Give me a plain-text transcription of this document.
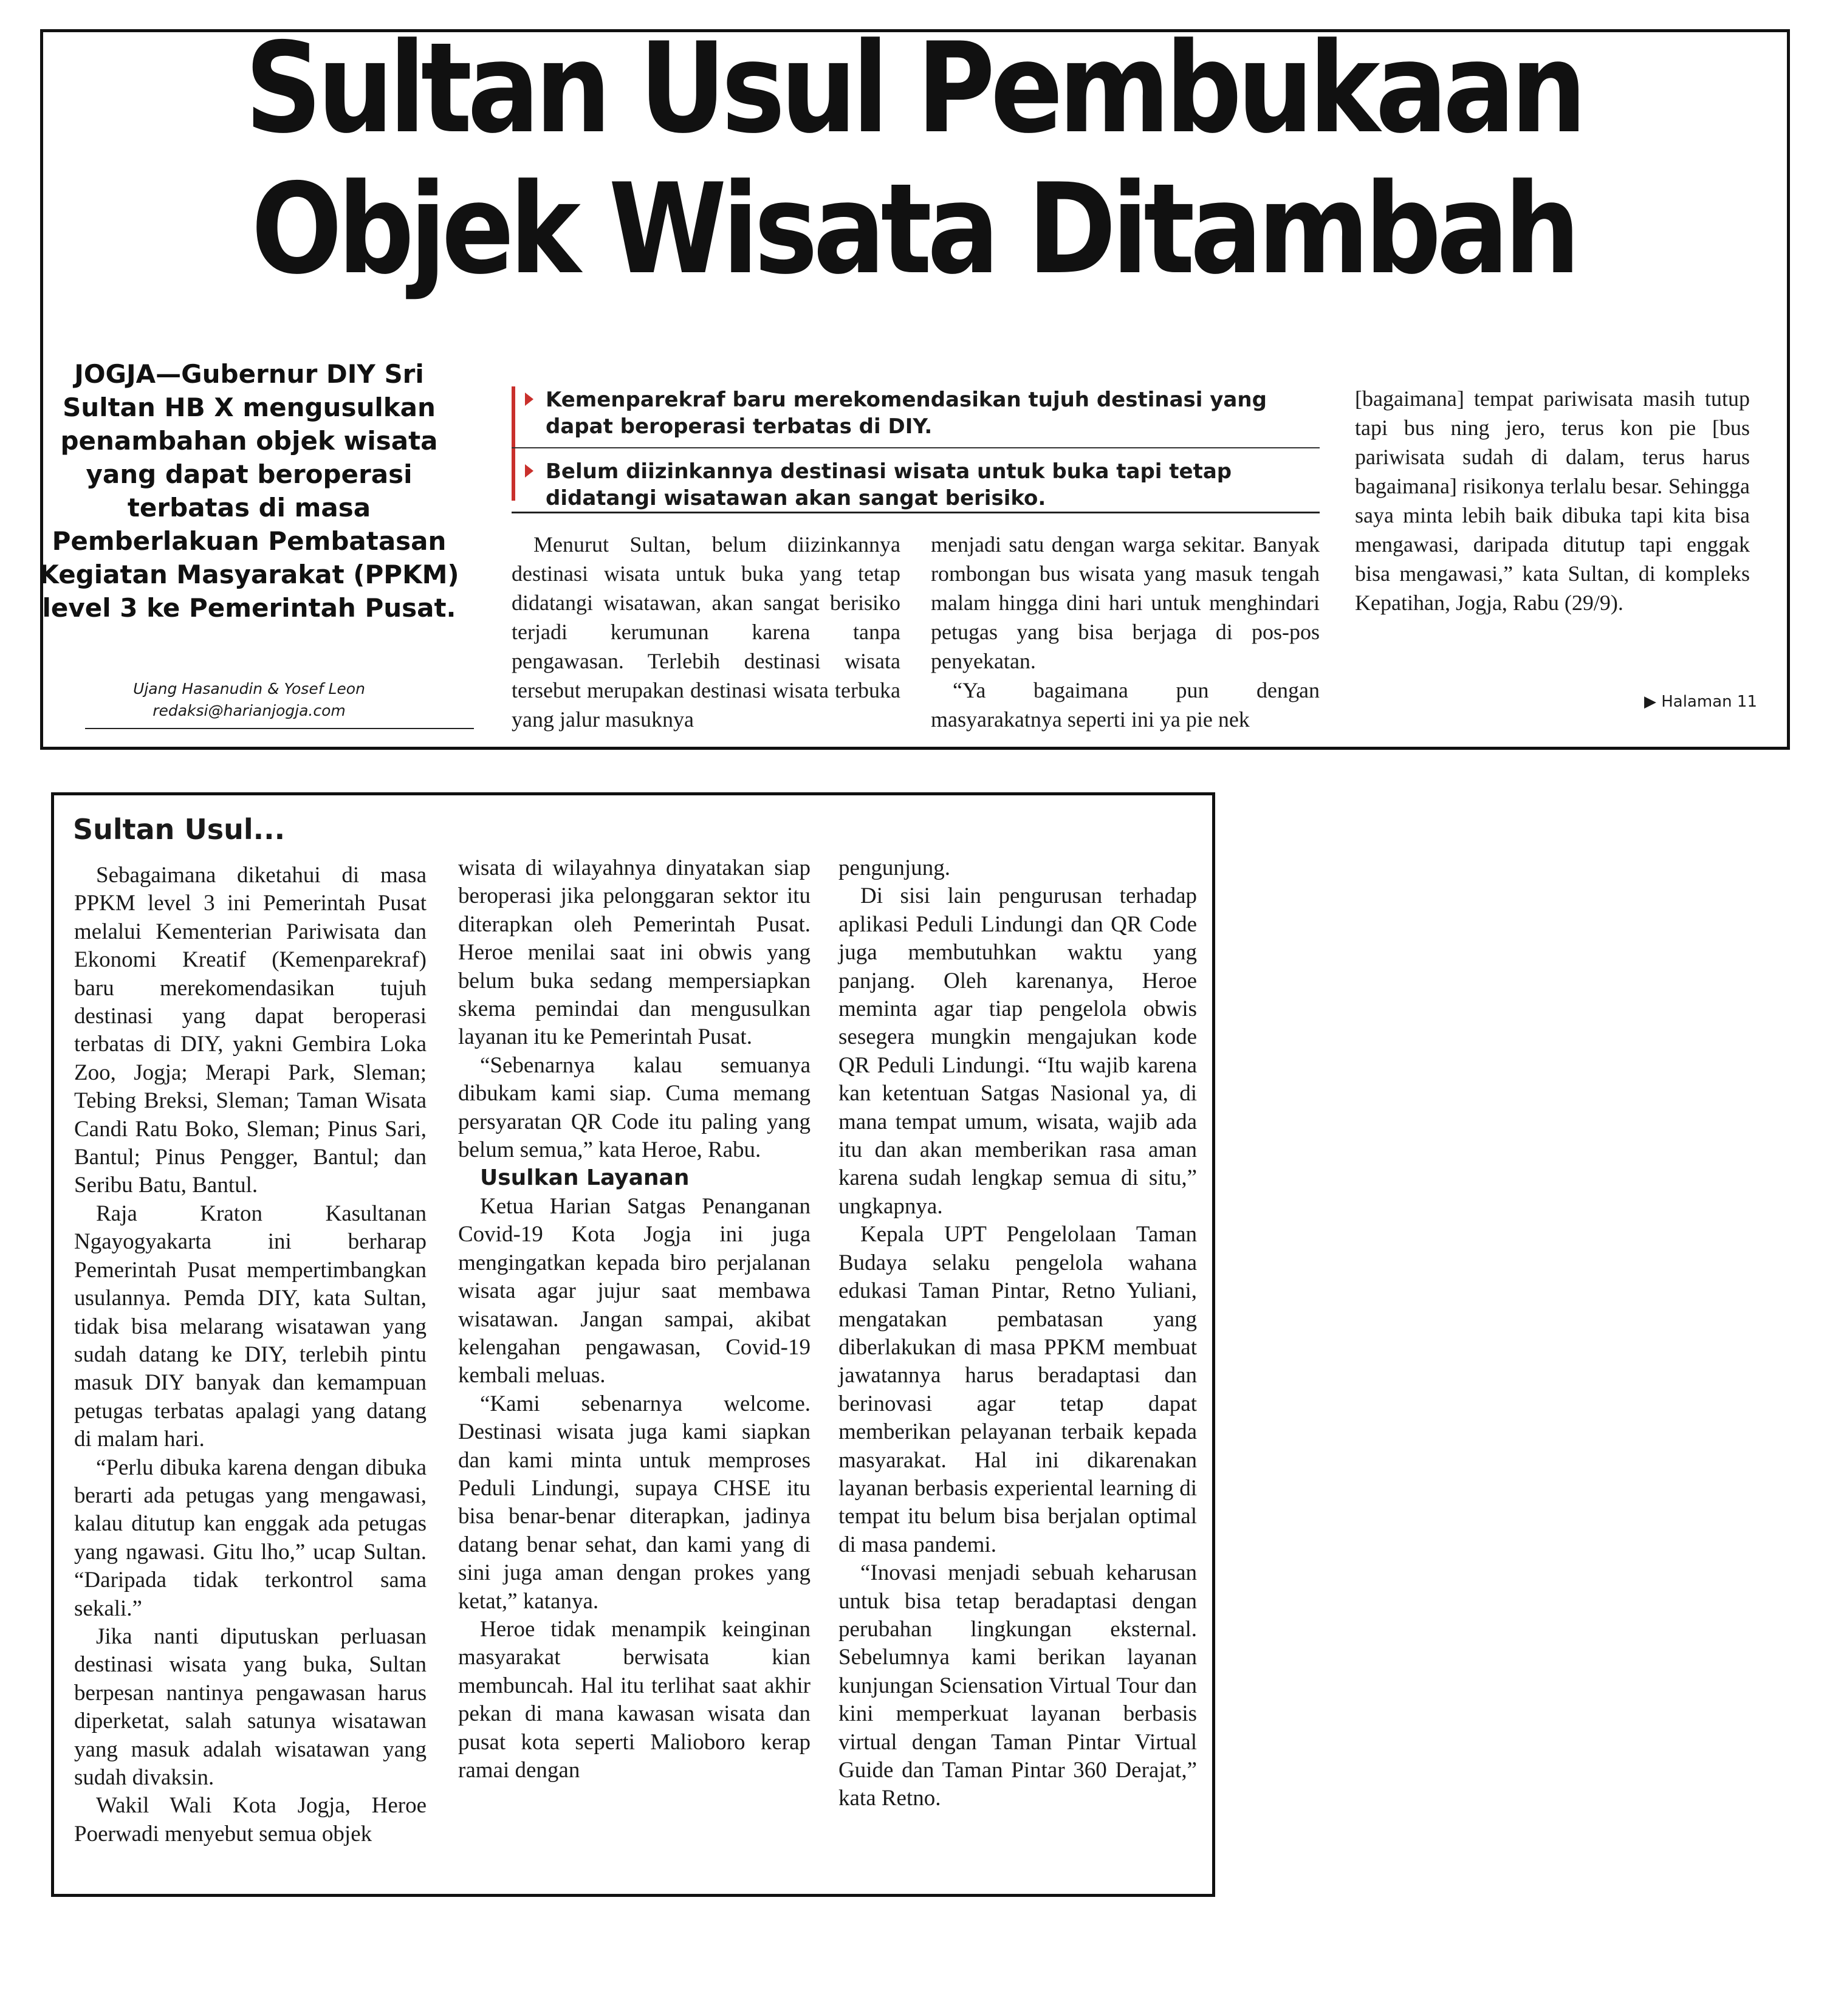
Sultan Usul Pembukaan
Objek Wisata Ditambah
JOGJA—Gubernur DIY Sri Sultan HB X mengusulkan penambahan objek wisata yang dapat beroperasi terbatas di masa Pemberlakuan Pembatasan Kegiatan Masyarakat (PPKM) level 3 ke Pemerintah Pusat.
Ujang Hasanudin & Yosef Leon
redaksi@harianjogja.com
Kemenparekraf baru merekomendasikan tujuh destinasi yang dapat beroperasi terbatas di DIY.
Belum diizinkannya destinasi wisata untuk buka tapi tetap didatangi wisatawan akan sangat berisiko.

Menurut Sultan, belum diizinkannya destinasi wisata untuk buka yang tetap didatangi wisatawan, akan sangat berisiko terjadi kerumunan karena tanpa pengawasan. Terlebih destinasi wisata tersebut merupakan destinasi wisata terbuka yang jalur masuknya

menjadi satu dengan warga sekitar. Banyak rombongan bus wisata yang masuk tengah malam hingga dini hari untuk menghindari petugas yang bisa berjaga di pos-pos penyekatan.

“Ya bagaimana pun dengan masyarakatnya seperti ini ya pie nek

[bagaimana] tempat pariwisata masih tutup tapi bus ning jero, terus kon pie [bus pariwisata sudah di dalam, terus harus bagaimana] risikonya terlalu besar. Sehingga saya minta lebih baik dibuka tapi kita bisa mengawasi, daripada ditutup tapi enggak bisa mengawasi,” kata Sultan, di kompleks Kepatihan, Jogja, Rabu (29/9).

▶ Halaman 11
Sultan Usul...

Sebagaimana diketahui di masa PPKM level 3 ini Pemerintah Pusat melalui Kementerian Pariwisata dan Ekonomi Kreatif (Kemenparekraf) baru merekomendasikan tujuh destinasi yang dapat beroperasi terbatas di DIY, yakni Gembira Loka Zoo, Jogja; Merapi Park, Sleman; Tebing Breksi, Sleman; Taman Wisata Candi Ratu Boko, Sleman; Pinus Sari, Bantul; Pinus Pengger, Bantul; dan Seribu Batu, Bantul.

Raja Kraton Kasultanan Ngayogyakarta ini berharap Pemerintah Pusat mempertimbangkan usulannya. Pemda DIY, kata Sultan, tidak bisa melarang wisatawan yang sudah datang ke DIY, terlebih pintu masuk DIY banyak dan kemampuan petugas terbatas apalagi yang datang di malam hari.

“Perlu dibuka karena dengan dibuka berarti ada petugas yang mengawasi, kalau ditutup kan enggak ada petugas yang ngawasi. Gitu lho,” ucap Sultan. “Daripada tidak terkontrol sama sekali.”

Jika nanti diputuskan perluasan destinasi wisata yang buka, Sultan berpesan nantinya pengawasan harus diperketat, salah satunya wisatawan yang masuk adalah wisatawan yang sudah divaksin.

Wakil Wali Kota Jogja, Heroe Poerwadi menyebut semua objek

wisata di wilayahnya dinyatakan siap beroperasi jika pelonggaran sektor itu diterapkan oleh Pemerintah Pusat. Heroe menilai saat ini obwis yang belum buka sedang mempersiapkan skema pemindai dan mengusulkan layanan itu ke Pemerintah Pusat.

“Sebenarnya kalau semuanya dibukam kami siap. Cuma memang persyaratan QR Code itu paling yang belum semua,” kata Heroe, Rabu.

Usulkan Layanan

Ketua Harian Satgas Penanganan Covid-19 Kota Jogja ini juga mengingatkan kepada biro perjalanan wisata agar jujur saat membawa wisatawan. Jangan sampai, akibat kelengahan pengawasan, Covid-19 kembali meluas.

“Kami sebenarnya welcome. Destinasi wisata juga kami siapkan dan kami minta untuk memproses Peduli Lindungi, supaya CHSE itu bisa benar-benar diterapkan, jadinya datang benar sehat, dan kami yang di sini juga aman dengan prokes yang ketat,” katanya.

Heroe tidak menampik keinginan masyarakat berwisata kian membuncah. Hal itu terlihat saat akhir pekan di mana kawasan wisata dan pusat kota seperti Malioboro kerap ramai dengan

pengunjung.

Di sisi lain pengurusan terhadap aplikasi Peduli Lindungi dan QR Code juga membutuhkan waktu yang panjang. Oleh karenanya, Heroe meminta agar tiap pengelola obwis sesegera mungkin mengajukan kode QR Peduli Lindungi. “Itu wajib karena kan ketentuan Satgas Nasional ya, di mana tempat umum, wisata, wajib ada itu dan akan memberikan rasa aman karena sudah lengkap semua di situ,” ungkapnya.

Kepala UPT Pengelolaan Taman Budaya selaku pengelola wahana edukasi Taman Pintar, Retno Yuliani, mengatakan pembatasan yang diberlakukan di masa PPKM membuat jawatannya harus beradaptasi dan berinovasi agar tetap dapat memberikan pelayanan terbaik kepada masyarakat. Hal ini dikarenakan layanan berbasis experiental learning di tempat itu belum bisa berjalan optimal di masa pandemi.

“Inovasi menjadi sebuah keharusan untuk bisa tetap beradaptasi dengan perubahan lingkungan eksternal. Sebelumnya kami berikan layanan kunjungan Sciensation Virtual Tour dan kini memperkuat layanan berbasis virtual dengan Taman Pintar Virtual Guide dan Taman Pintar 360 Derajat,” kata Retno.
